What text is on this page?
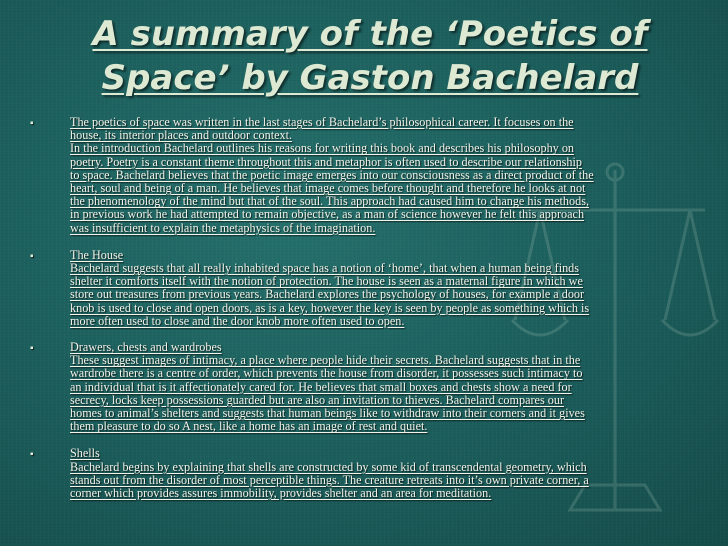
A summary of the ‘Poetics of
Space’ by Gaston Bachelard
▪	The poetics of space was written in the last stages of Bachelard’s philosophical career. It focuses on the
house, its interior places and outdoor context.
In the introduction Bachelard outlines his reasons for writing this book and describes his philosophy on
poetry. Poetry is a constant theme throughout this and metaphor is often used to describe our relationship
to space. Bachelard believes that the poetic image emerges into our consciousness as a direct product of the
heart, soul and being of a man. He believes that image comes before thought and therefore he looks at not
the phenomenology of the mind but that of the soul. This approach had caused him to change his methods,
in previous work he had attempted to remain objective, as a man of science however he felt this approach
was insufficient to explain the metaphysics of the imagination.
▪	The House
Bachelard suggests that all really inhabited space has a notion of ‘home’, that when a human being finds
shelter it comforts itself with the notion of protection. The house is seen as a maternal figure in which we
store out treasures from previous years. Bachelard explores the psychology of houses, for example a door
knob is used to close and open doors, as is a key, however the key is seen by people as something which is
more often used to close and the door knob more often used to open.
▪	Drawers, chests and wardrobes
These suggest images of intimacy, a place where people hide their secrets. Bachelard suggests that in the
wardrobe there is a centre of order, which prevents the house from disorder, it possesses such intimacy to
an individual that is it affectionately cared for. He believes that small boxes and chests show a need for
secrecy, locks keep possessions guarded but are also an invitation to thieves. Bachelard compares our
homes to animal’s shelters and suggests that human beings like to withdraw into their corners and it gives
them pleasure to do so A nest, like a home has an image of rest and quiet.
▪	Shells
Bachelard begins by explaining that shells are constructed by some kid of transcendental geometry, which
stands out from the disorder of most perceptible things. The creature retreats into it’s own private corner, a
corner which provides assures immobility, provides shelter and an area for meditation.
